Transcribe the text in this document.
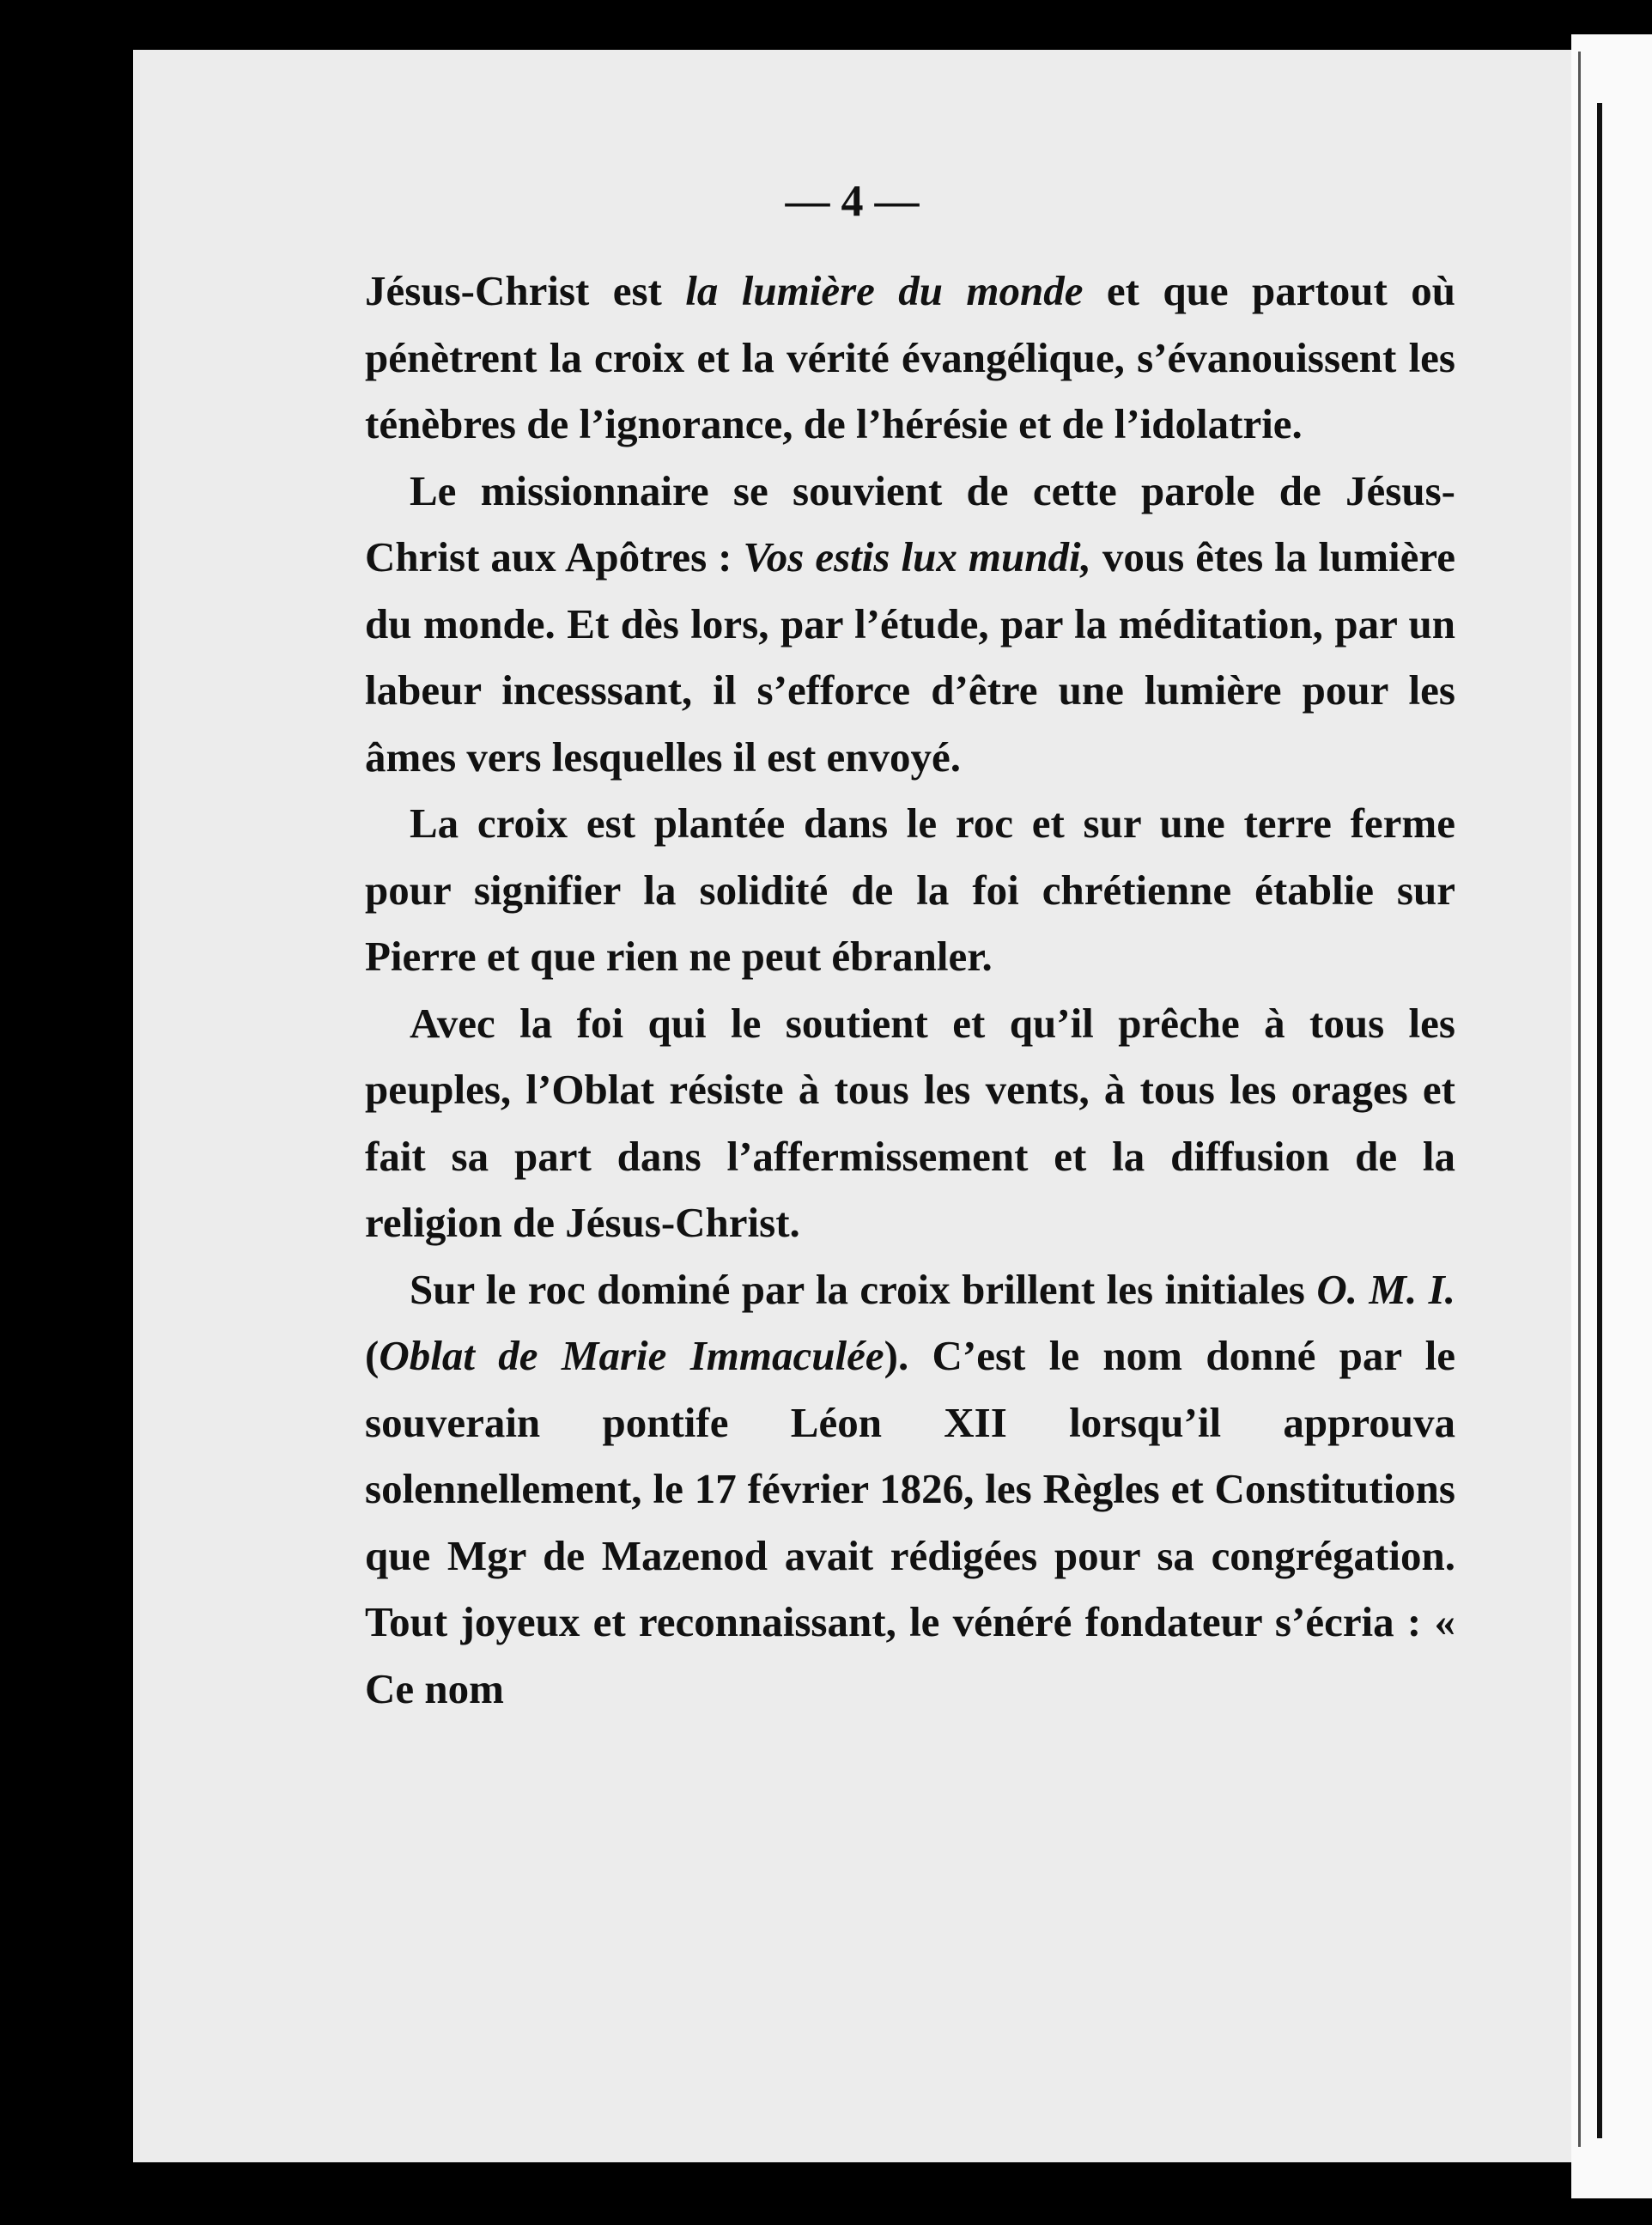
— 4 —

Jésus-Christ est la lumière du monde et que partout où pénètrent la croix et la vérité évangélique, s’évanouissent les ténèbres de l’ignorance, de l’hérésie et de l’idolatrie.

Le missionnaire se souvient de cette parole de Jésus-Christ aux Apôtres : Vos estis lux mundi, vous êtes la lumière du monde. Et dès lors, par l’étude, par la méditation, par un labeur incesssant, il s’efforce d’être une lumière pour les âmes vers lesquelles il est envoyé.

La croix est plantée dans le roc et sur une terre ferme pour signifier la solidité de la foi chrétienne établie sur Pierre et que rien ne peut ébranler.

Avec la foi qui le soutient et qu’il prêche à tous les peuples, l’Oblat résiste à tous les vents, à tous les orages et fait sa part dans l’affermissement et la diffusion de la religion de Jésus-Christ.

Sur le roc dominé par la croix brillent les initiales O. M. I. (Oblat de Marie Immaculée). C’est le nom donné par le souverain pontife Léon XII lorsqu’il approuva solennellement, le 17 février 1826, les Règles et Constitutions que Mgr de Mazenod avait rédigées pour sa congrégation. Tout joyeux et reconnaissant, le vénéré fondateur s’écria : « Ce nom
